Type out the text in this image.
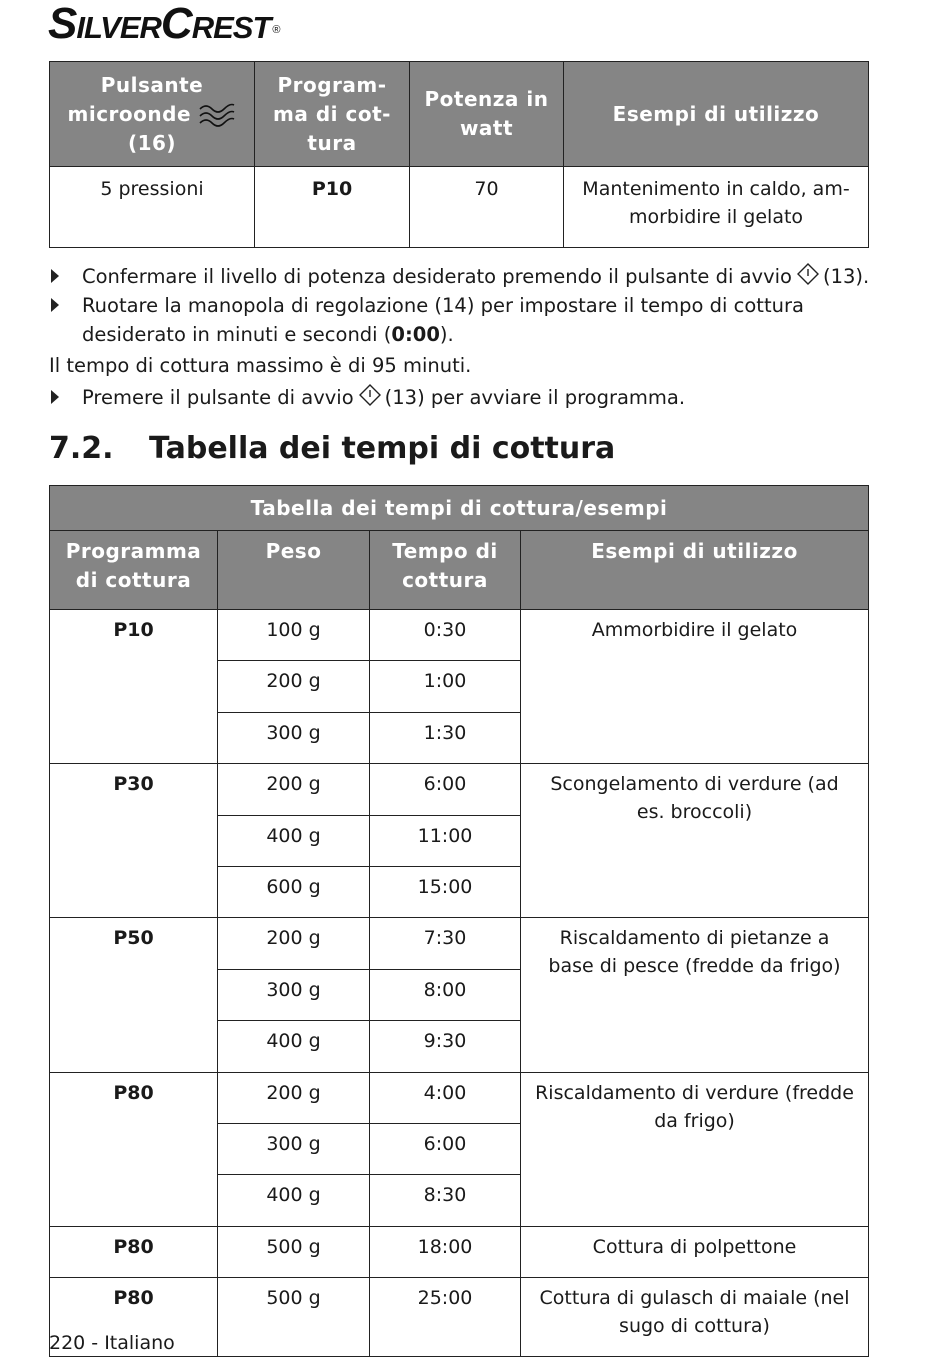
SilverCrest ®
Pulsante
microonde
(16)	Program-ma di cot-tura	Potenza in watt	Esempi di utilizzo
5 pressioni	P10	70	Mantenimento in caldo, am-morbidire il gelato
Confermare il livello di potenza desiderato premendo il pulsante di avvio (13).
Ruotare la manopola di regolazione (14) per impostare il tempo di cottura desiderato in minuti e secondi (0:00).
Il tempo di cottura massimo è di 95 minuti.
Premere il pulsante di avvio (13) per avviare il programma.
7.2. Tabella dei tempi di cottura
Tabella dei tempi di cottura/esempi			
Programma di cottura	Peso	Tempo di cottura	Esempi di utilizzo
P10	100 g	0:30	Ammorbidire il gelato
	200 g	1:00	
	300 g	1:30	
P30	200 g	6:00	Scongelamento di verdure (ad es. broccoli)
	400 g	11:00	
	600 g	15:00	
P50	200 g	7:30	Riscaldamento di pietanze a base di pesce (fredde da frigo)
	300 g	8:00	
	400 g	9:30	
P80	200 g	4:00	Riscaldamento di verdure (fredde da frigo)
	300 g	6:00	
	400 g	8:30	
P80	500 g	18:00	Cottura di polpettone
P80	500 g	25:00	Cottura di gulasch di maiale (nel sugo di cottura)
220 - Italiano
